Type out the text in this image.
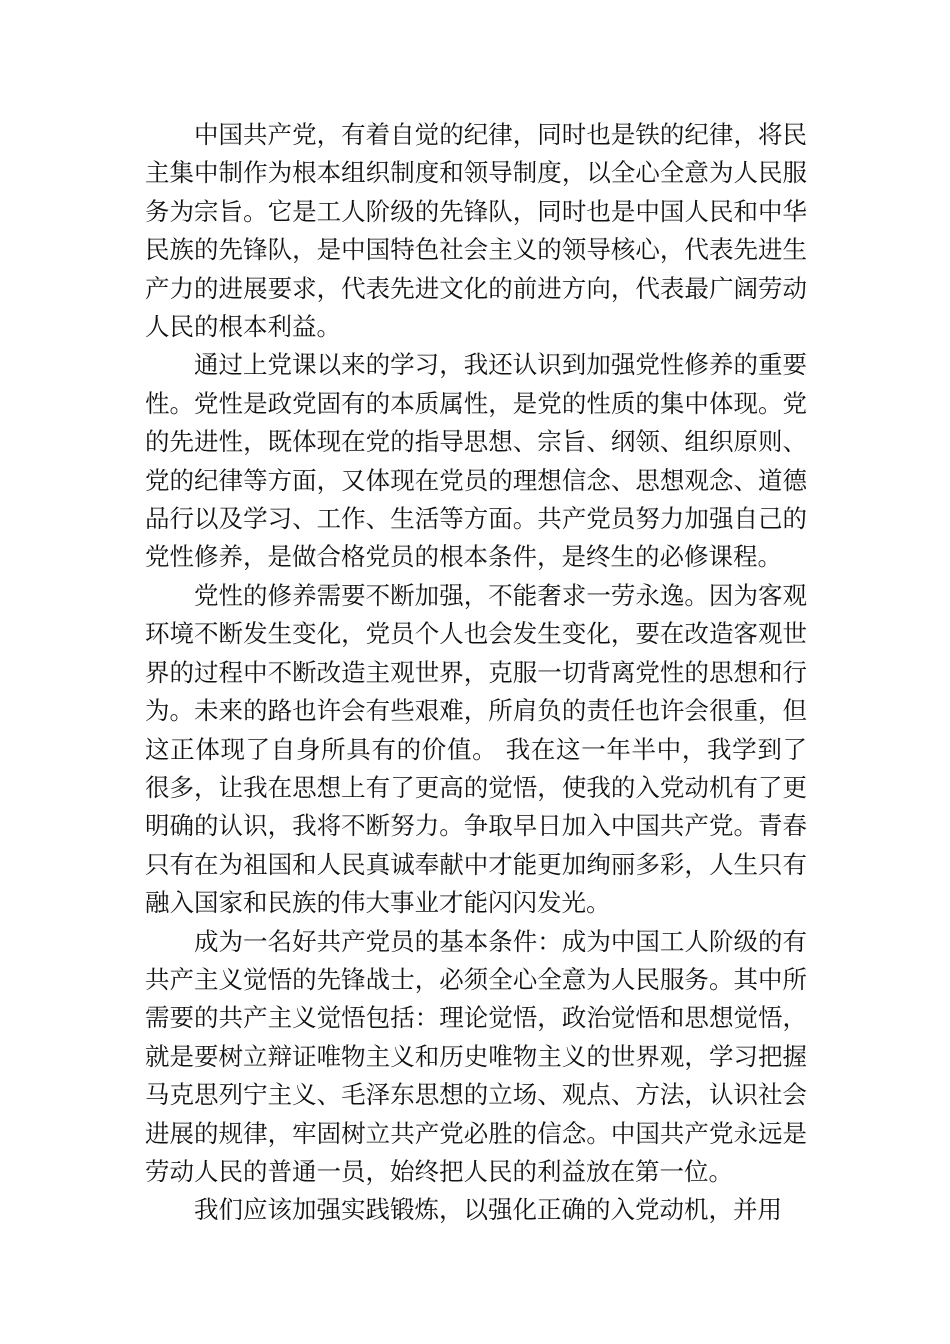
中国共产党，有着自觉的纪律，同时也是铁的纪律，将民主集中制作为根本组织制度和领导制度，以全心全意为人民服务为宗旨。它是工人阶级的先锋队，同时也是中国人民和中华民族的先锋队，是中国特色社会主义的领导核心，代表先进生产力的进展要求，代表先进文化的前进方向，代表最广阔劳动人民的根本利益。

通过上党课以来的学习，我还认识到加强党性修养的重要性。党性是政党固有的本质属性，是党的性质的集中体现。党的先进性，既体现在党的指导思想、宗旨、纲领、组织原则、党的纪律等方面，又体现在党员的理想信念、思想观念、道德品行以及学习、工作、生活等方面。共产党员努力加强自己的党性修养，是做合格党员的根本条件，是终生的必修课程。

党性的修养需要不断加强，不能奢求一劳永逸。因为客观环境不断发生变化，党员个人也会发生变化，要在改造客观世界的过程中不断改造主观世界，克服一切背离党性的思想和行为。未来的路也许会有些艰难，所肩负的责任也许会很重，但这正体现了自身所具有的价值。 我在这一年半中，我学到了很多，让我在思想上有了更高的觉悟，使我的入党动机有了更明确的认识，我将不断努力。争取早日加入中国共产党。青春只有在为祖国和人民真诚奉献中才能更加绚丽多彩，人生只有融入国家和民族的伟大事业才能闪闪发光。

成为一名好共产党员的基本条件：成为中国工人阶级的有共产主义觉悟的先锋战士，必须全心全意为人民服务。其中所需要的共产主义觉悟包括：理论觉悟，政治觉悟和思想觉悟，就是要树立辩证唯物主义和历史唯物主义的世界观，学习把握马克思列宁主义、毛泽东思想的立场、观点、方法，认识社会进展的规律，牢固树立共产党必胜的信念。中国共产党永远是劳动人民的普通一员，始终把人民的利益放在第一位。

我们应该加强实践锻炼，以强化正确的入党动机，并用
